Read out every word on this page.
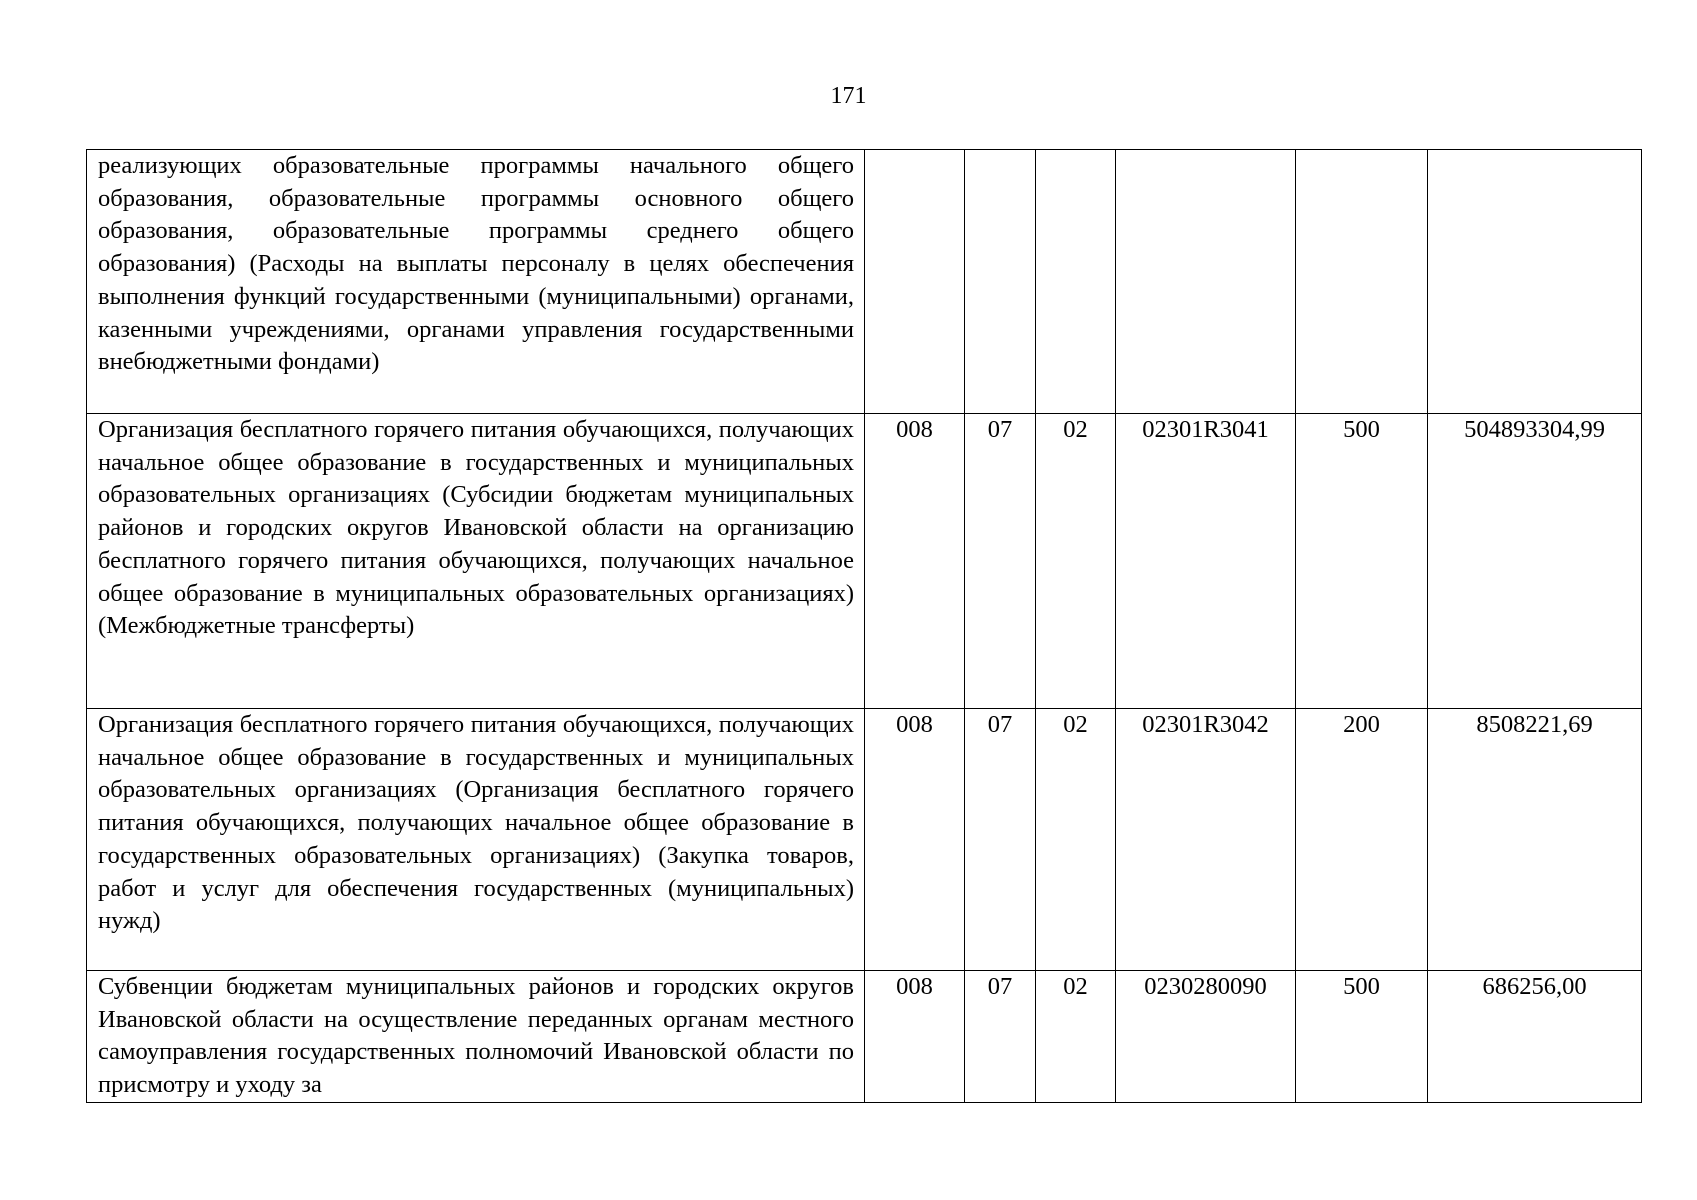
171
реализующих образовательные программы начального общего образования, образовательные программы основного общего образования, образовательные программы среднего общего образования) (Расходы на выплаты персоналу в целях обеспечения выполнения функций государственными (муниципальными) органами, казенными учреждениями, органами управления государственными внебюджетными фондами)						
Организация бесплатного горячего питания обучающихся, получающих начальное общее образование в государственных и муниципальных образовательных организациях (Субсидии бюджетам муниципальных районов и городских округов Ивановской области на организацию бесплатного горячего питания обучающихся, получающих начальное общее образование в муниципальных образовательных организациях) (Межбюджетные трансферты)	008	07	02	02301R3041	500	504893304,99
Организация бесплатного горячего питания обучающихся, получающих начальное общее образование в государственных и муниципальных образовательных организациях (Организация бесплатного горячего питания обучающихся, получающих начальное общее образование в государственных образовательных организациях) (Закупка товаров, работ и услуг для обеспечения государственных (муниципальных) нужд)	008	07	02	02301R3042	200	8508221,69
Субвенции бюджетам муниципальных районов и городских округов Ивановской области на осуществление переданных органам местного самоуправления государственных полномочий Ивановской области по присмотру и уходу за	008	07	02	0230280090	500	686256,00
